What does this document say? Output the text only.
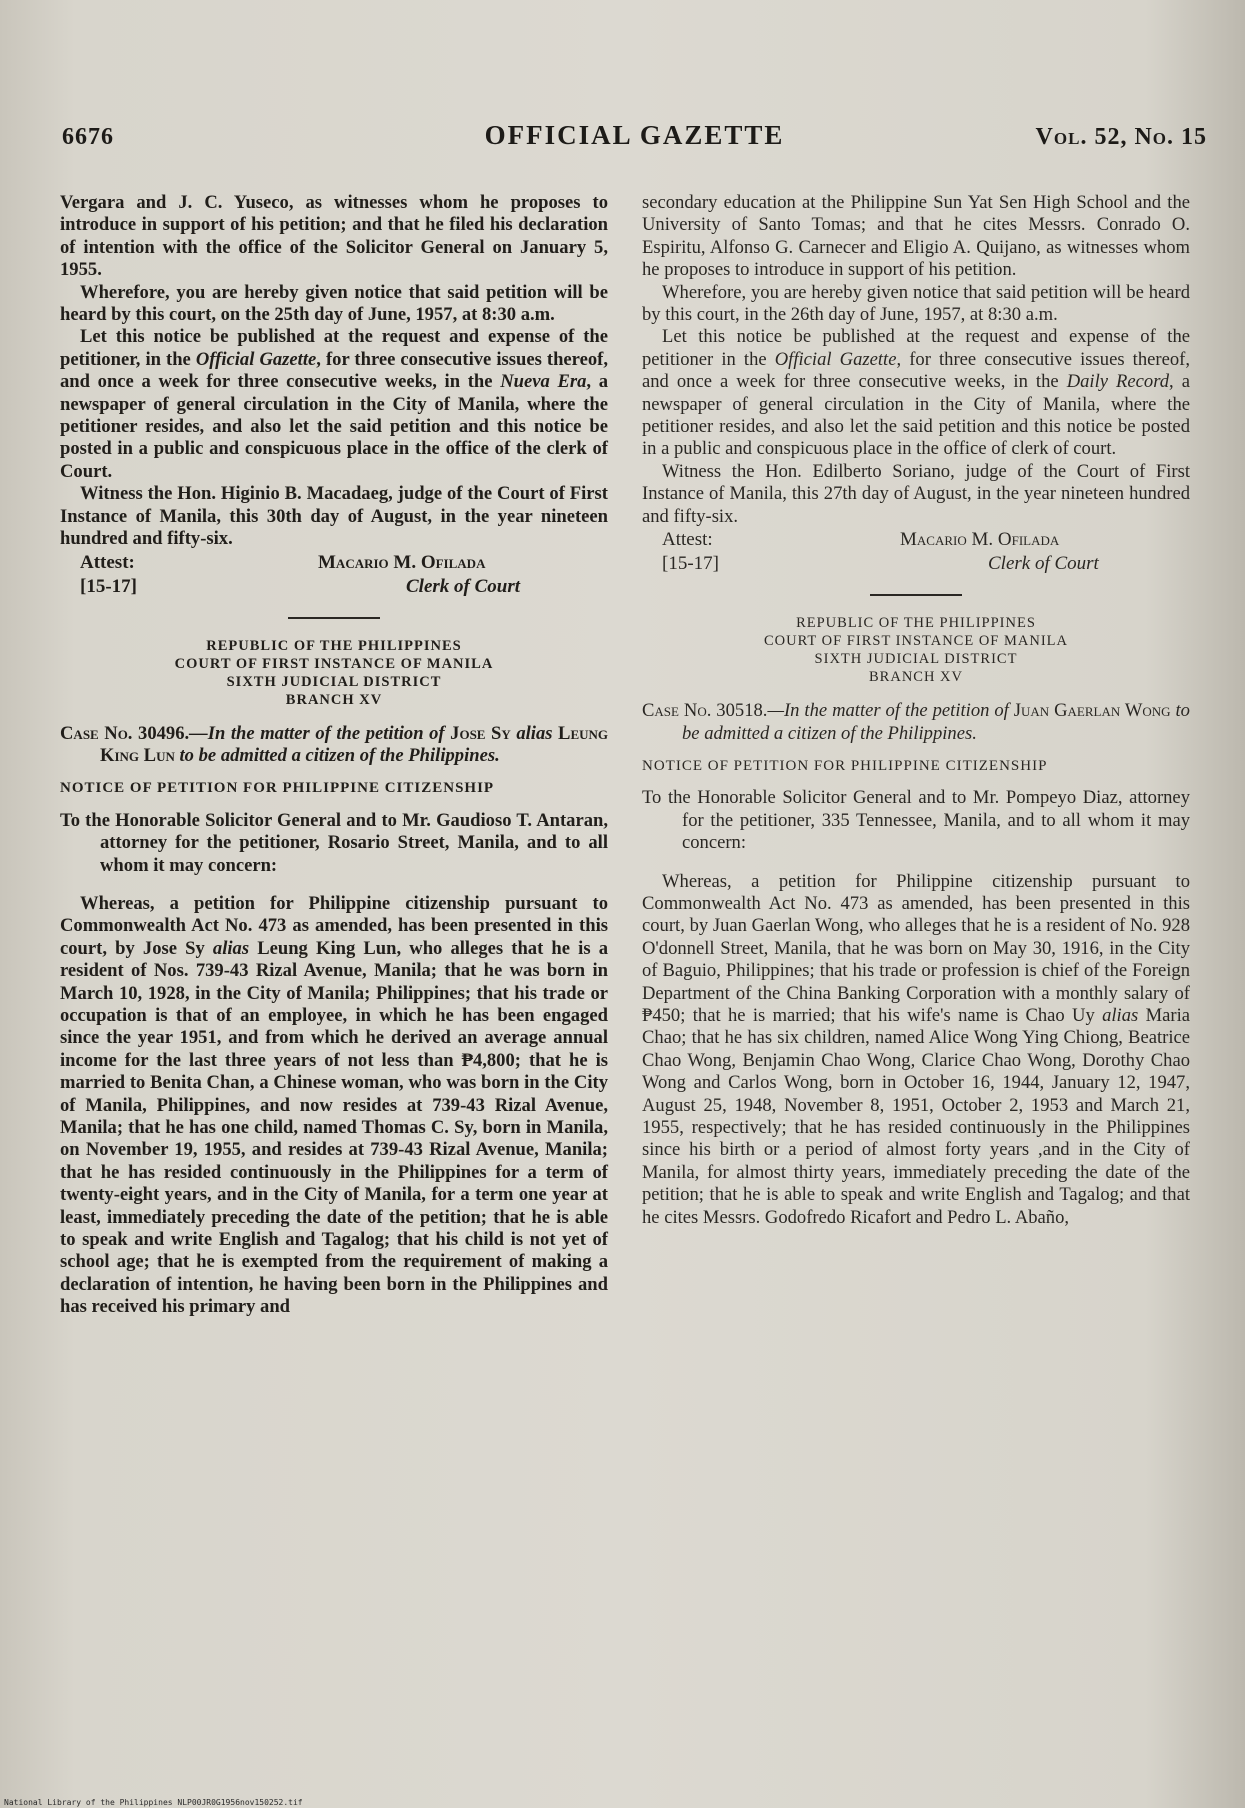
6676	OFFICIAL GAZETTE	Vol. 52, No. 15

Vergara and J. C. Yuseco, as witnesses whom he proposes to introduce in support of his petition; and that he filed his declaration of intention with the office of the Solicitor General on January 5, 1955.

Wherefore, you are hereby given notice that said petition will be heard by this court, on the 25th day of June, 1957, at 8:30 a.m.

Let this notice be published at the request and expense of the petitioner, in the Official Gazette, for three consecutive issues thereof, and once a week for three consecutive weeks, in the Nueva Era, a newspaper of general circulation in the City of Manila, where the petitioner resides, and also let the said petition and this notice be posted in a public and conspicuous place in the office of the clerk of Court.

Witness the Hon. Higinio B. Macadaeg, judge of the Court of First Instance of Manila, this 30th day of August, in the year nineteen hundred and fifty-six.

Attest:
[15-17]
Macario M. Ofilada
Clerk of Court
REPUBLIC OF THE PHILIPPINES
COURT OF FIRST INSTANCE OF MANILA
SIXTH JUDICIAL DISTRICT
BRANCH XV
Case No. 30496.—In the matter of the petition of Jose Sy alias Leung King Lun to be admitted a citizen of the Philippines.
NOTICE OF PETITION FOR PHILIPPINE CITIZENSHIP
To the Honorable Solicitor General and to Mr. Gaudioso T. Antaran, attorney for the petitioner, Rosario Street, Manila, and to all whom it may concern:

Whereas, a petition for Philippine citizenship pursuant to Commonwealth Act No. 473 as amended, has been presented in this court, by Jose Sy alias Leung King Lun, who alleges that he is a resident of Nos. 739-43 Rizal Avenue, Manila; that he was born in March 10, 1928, in the City of Manila; Philippines; that his trade or occupation is that of an employee, in which he has been engaged since the year 1951, and from which he derived an average annual income for the last three years of not less than ₱4,800; that he is married to Benita Chan, a Chinese woman, who was born in the City of Manila, Philippines, and now resides at 739-43 Rizal Avenue, Manila; that he has one child, named Thomas C. Sy, born in Manila, on November 19, 1955, and resides at 739-43 Rizal Avenue, Manila; that he has resided continuously in the Philippines for a term of twenty-eight years, and in the City of Manila, for a term one year at least, immediately preceding the date of the petition; that he is able to speak and write English and Tagalog; that his child is not yet of school age; that he is exempted from the requirement of making a declaration of intention, he having been born in the Philippines and has received his primary and

secondary education at the Philippine Sun Yat Sen High School and the University of Santo Tomas; and that he cites Messrs. Conrado O. Espiritu, Alfonso G. Carnecer and Eligio A. Quijano, as witnesses whom he proposes to introduce in support of his petition.

Wherefore, you are hereby given notice that said petition will be heard by this court, in the 26th day of June, 1957, at 8:30 a.m.

Let this notice be published at the request and expense of the petitioner in the Official Gazette, for three consecutive issues thereof, and once a week for three consecutive weeks, in the Daily Record, a newspaper of general circulation in the City of Manila, where the petitioner resides, and also let the said petition and this notice be posted in a public and conspicuous place in the office of clerk of court.

Witness the Hon. Edilberto Soriano, judge of the Court of First Instance of Manila, this 27th day of August, in the year nineteen hundred and fifty-six.

Attest:
[15-17]
Macario M. Ofilada
Clerk of Court
REPUBLIC OF THE PHILIPPINES
COURT OF FIRST INSTANCE OF MANILA
SIXTH JUDICIAL DISTRICT
BRANCH XV
Case No. 30518.—In the matter of the petition of Juan Gaerlan Wong to be admitted a citizen of the Philippines.
NOTICE OF PETITION FOR PHILIPPINE CITIZENSHIP
To the Honorable Solicitor General and to Mr. Pompeyo Diaz, attorney for the petitioner, 335 Tennessee, Manila, and to all whom it may concern:

Whereas, a petition for Philippine citizenship pursuant to Commonwealth Act No. 473 as amended, has been presented in this court, by Juan Gaerlan Wong, who alleges that he is a resident of No. 928 O'donnell Street, Manila, that he was born on May 30, 1916, in the City of Baguio, Philippines; that his trade or profession is chief of the Foreign Department of the China Banking Corporation with a monthly salary of ₱450; that he is married; that his wife's name is Chao Uy alias Maria Chao; that he has six children, named Alice Wong Ying Chiong, Beatrice Chao Wong, Benjamin Chao Wong, Clarice Chao Wong, Dorothy Chao Wong and Carlos Wong, born in October 16, 1944, January 12, 1947, August 25, 1948, November 8, 1951, October 2, 1953 and March 21, 1955, respectively; that he has resided continuously in the Philippines since his birth or a period of almost forty years ,and in the City of Manila, for almost thirty years, immediately preceding the date of the petition; that he is able to speak and write English and Tagalog; and that he cites Messrs. Godofredo Ricafort and Pedro L. Abaño,

National Library of the Philippines NLP00JR0G1956nov150252.tif
